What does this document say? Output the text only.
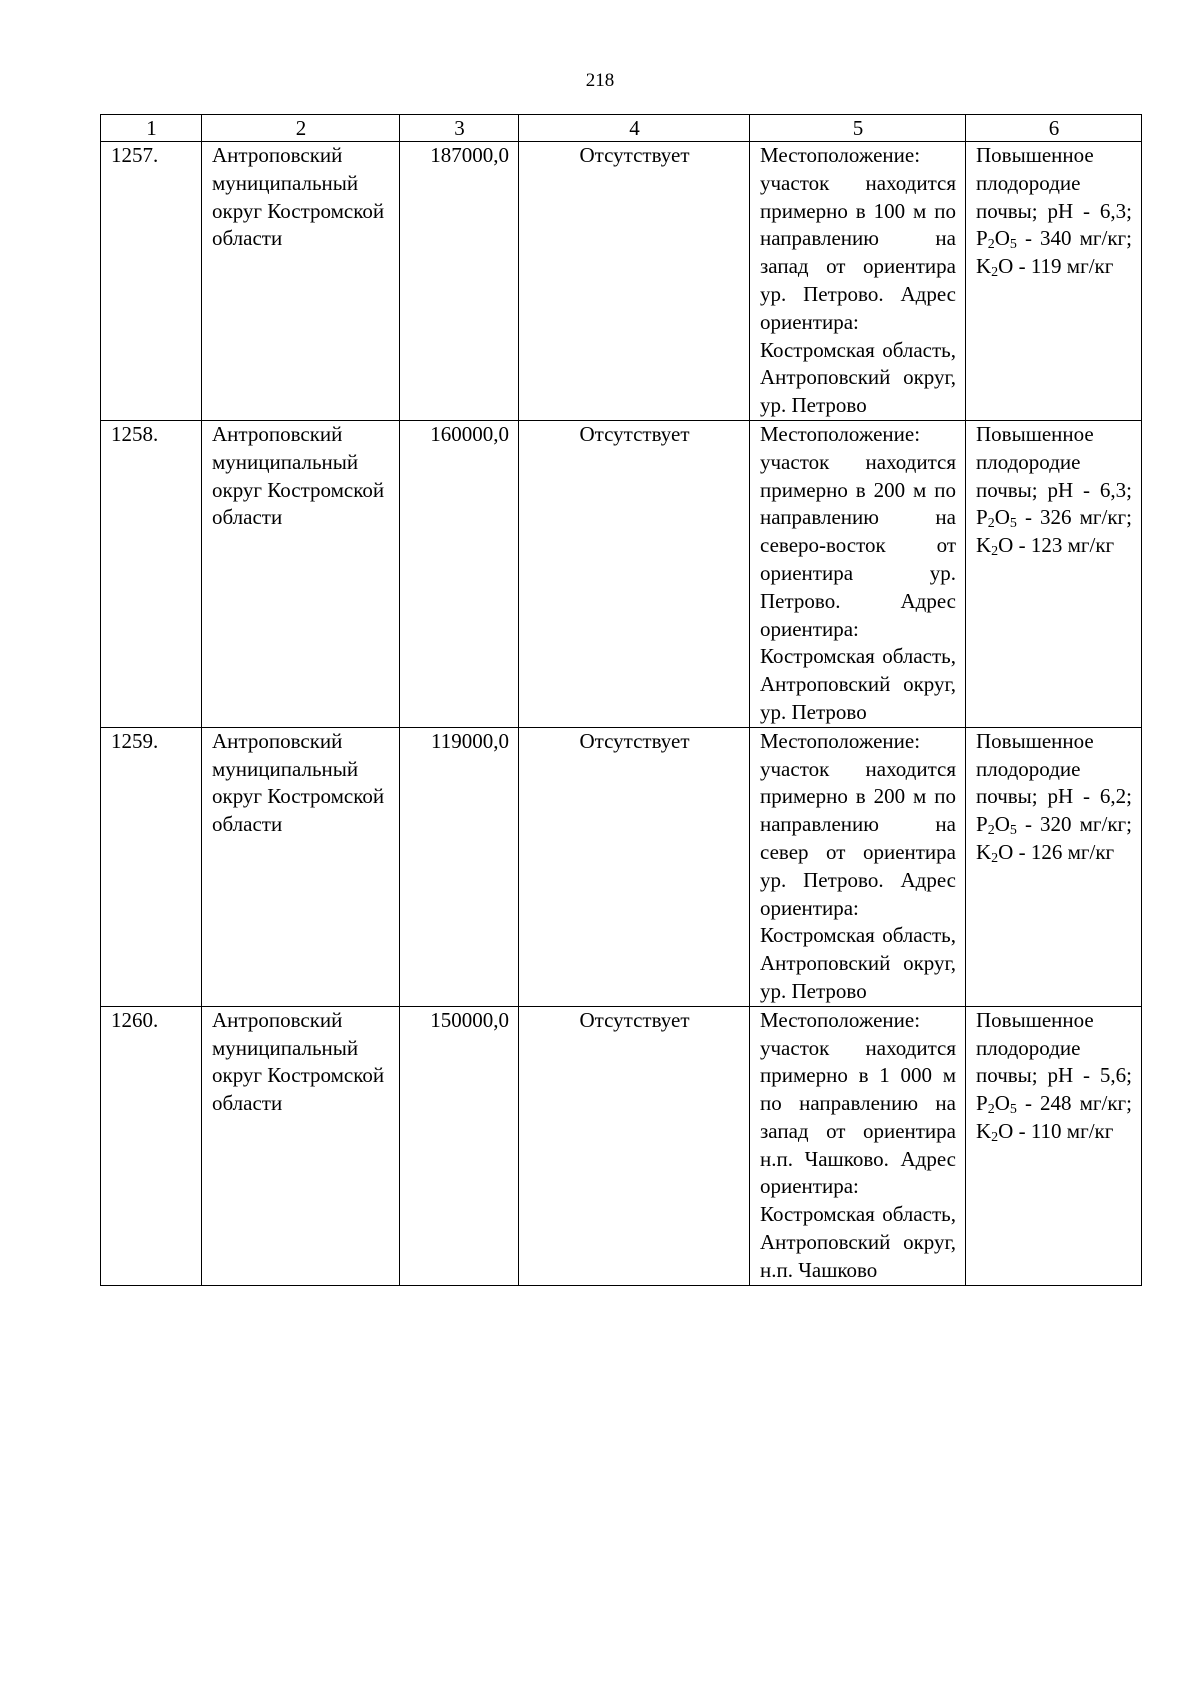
218
1	2	3	4	5	6
1257.	Антроповский муниципальный округ Костромской области	187000,0	Отсутствует	Местоположение: участок находится примерно в 100 м по направлению на запад от ориентира ур. Петрово. Адрес ориентира: Костромская область, Антроповский округ, ур. Петрово	Повышенное плодородие почвы; рН - 6,3; $P_2O_5 - 340$ мг/кг; $K_2O - 119$ мг/кг
1258.	Антроповский муниципальный округ Костромской области	160000,0	Отсутствует	Местоположение: участок находится примерно в 200 м по направлению на северо-восток от ориентира ур. Петрово. Адрес ориентира: Костромская область, Антроповский округ, ур. Петрово	Повышенное плодородие почвы; рН - 6,3; $P_2O_5 - 326$ мг/кг; $K_2O - 123$ мг/кг
1259.	Антроповский муниципальный округ Костромской области	119000,0	Отсутствует	Местоположение: участок находится примерно в 200 м по направлению на север от ориентира ур. Петрово. Адрес ориентира: Костромская область, Антроповский округ, ур. Петрово	Повышенное плодородие почвы; рН - 6,2; $P_2O_5 - 320$ мг/кг; $K_2O - 126$ мг/кг
1260.	Антроповский муниципальный округ Костромской области	150000,0	Отсутствует	Местоположение: участок находится примерно в 1 000 м по направлению на запад от ориентира н.п. Чашково. Адрес ориентира: Костромская область, Антроповский округ, н.п. Чашково	Повышенное плодородие почвы; рН - 5,6; $P_2O_5 - 248$ мг/кг; $K_2O - 110$ мг/кг
